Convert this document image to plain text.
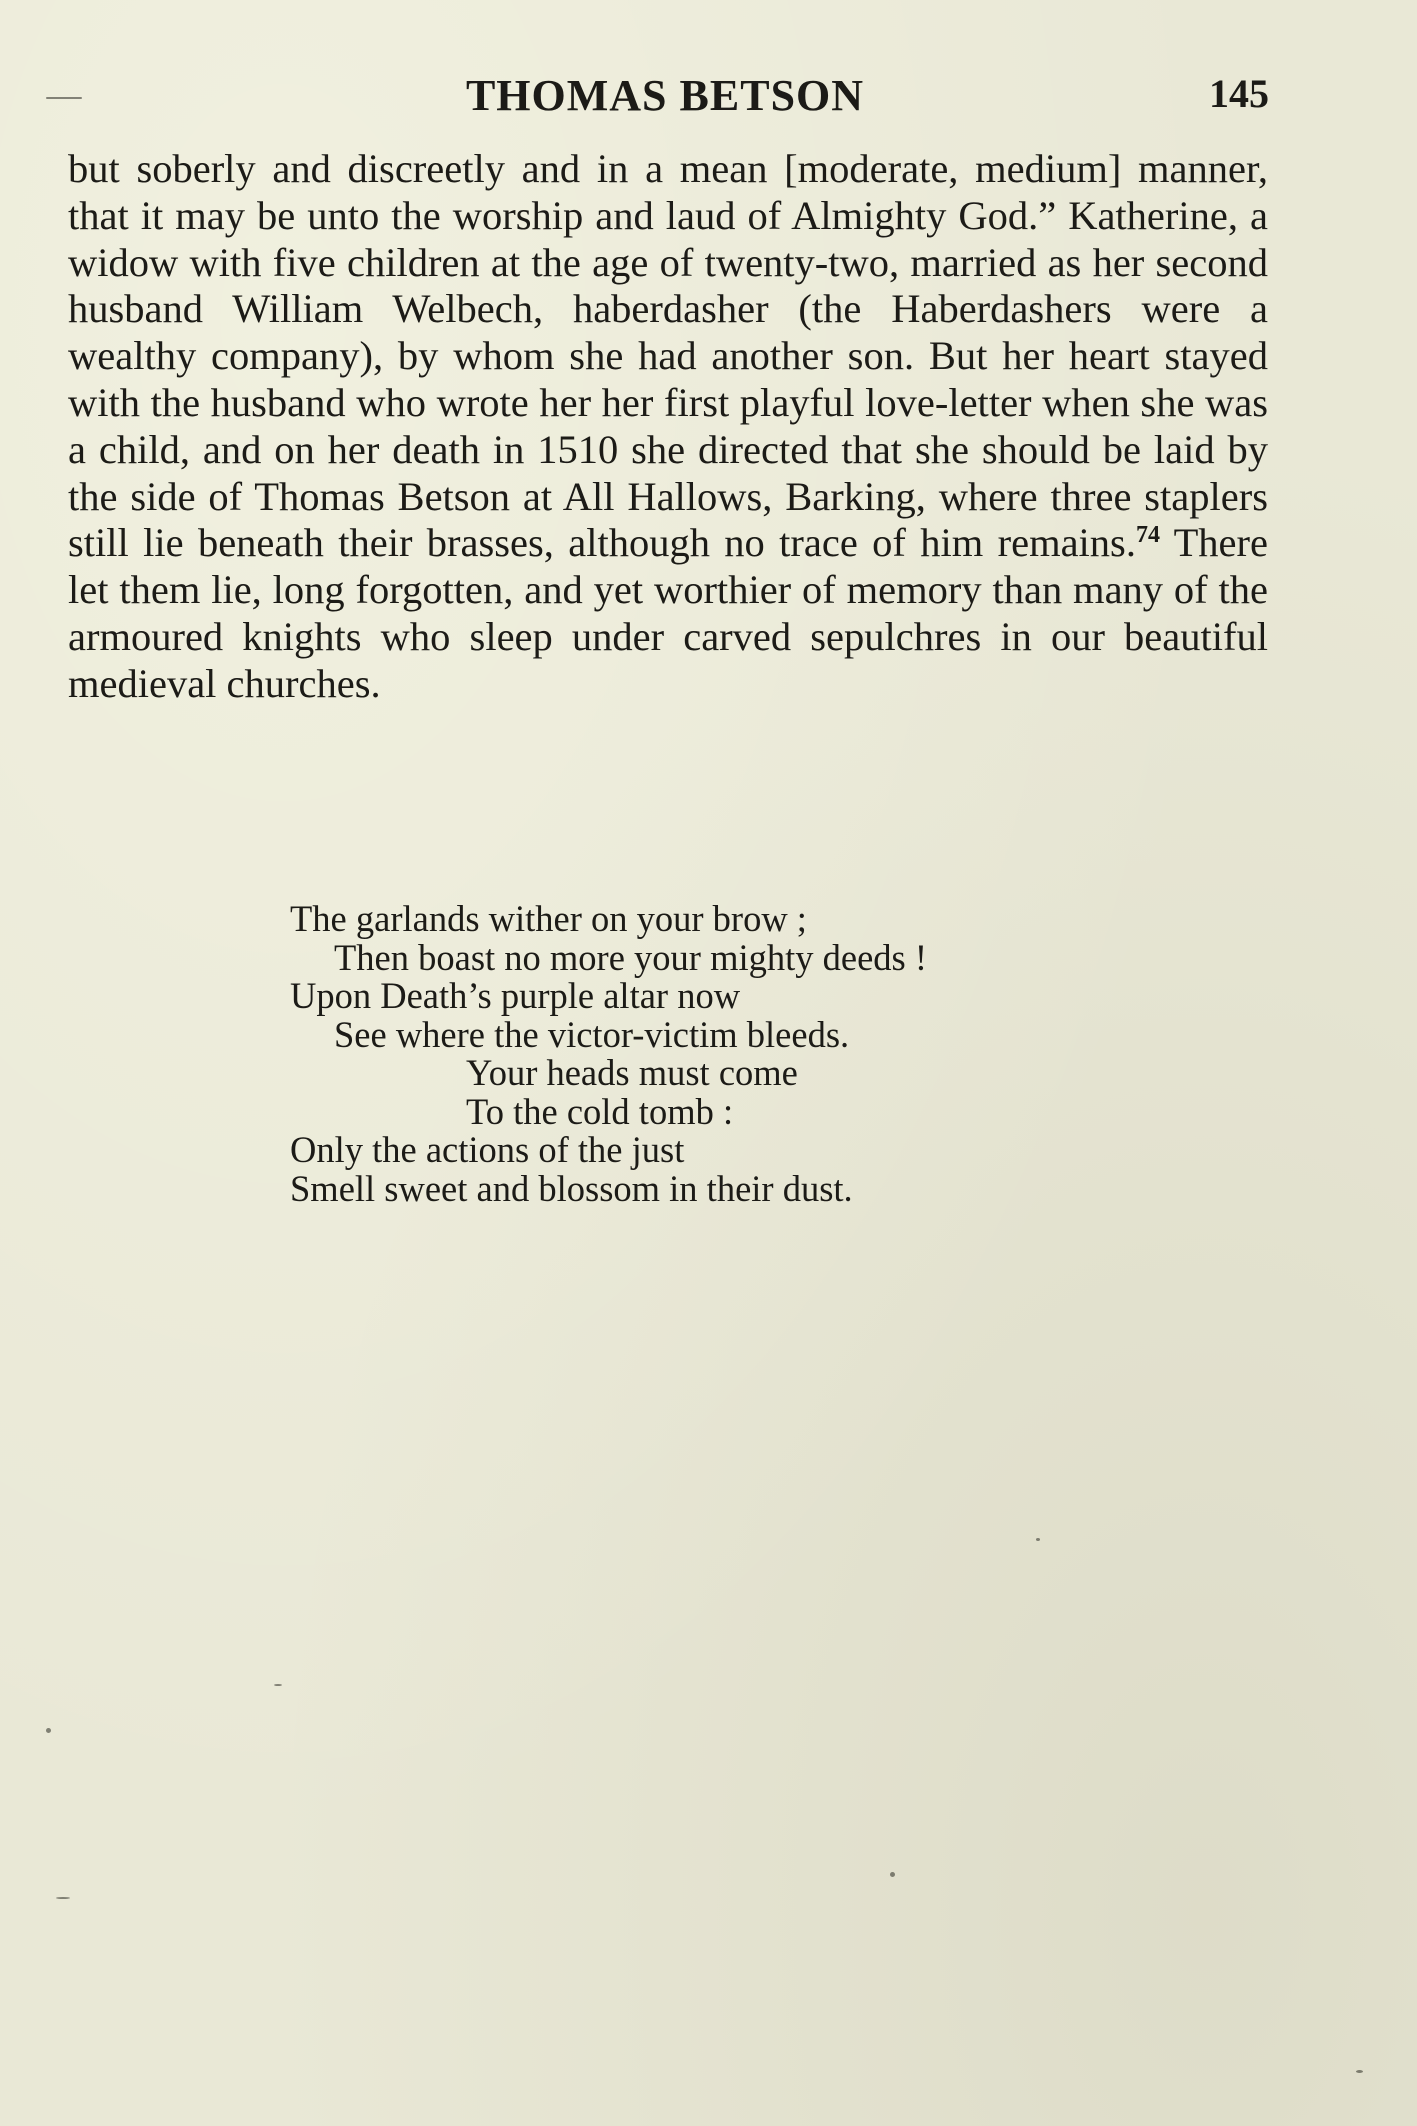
THOMAS BETSON	145

but soberly and discreetly and in a mean [moderate, medium] manner, that it may be unto the worship and laud of Almighty God.” Katherine, a widow with five children at the age of twenty-two, married as her second husband William Welbech, haberdasher (the Haberdashers were a wealthy company), by whom she had another son. But her heart stayed with the husband who wrote her her first playful love-letter when she was a child, and on her death in 1510 she directed that she should be laid by the side of Thomas Betson at All Hallows, Barking, where three staplers still lie beneath their brasses, although no trace of him remains.$^{74}$ There let them lie, long forgotten, and yet worthier of memory than many of the armoured knights who sleep under carved sepulchres in our beautiful medieval churches.

The garlands wither on your brow ;
Then boast no more your mighty deeds !
Upon Death’s purple altar now
See where the victor-victim bleeds.
Your heads must come
To the cold tomb :
Only the actions of the just
Smell sweet and blossom in their dust.
